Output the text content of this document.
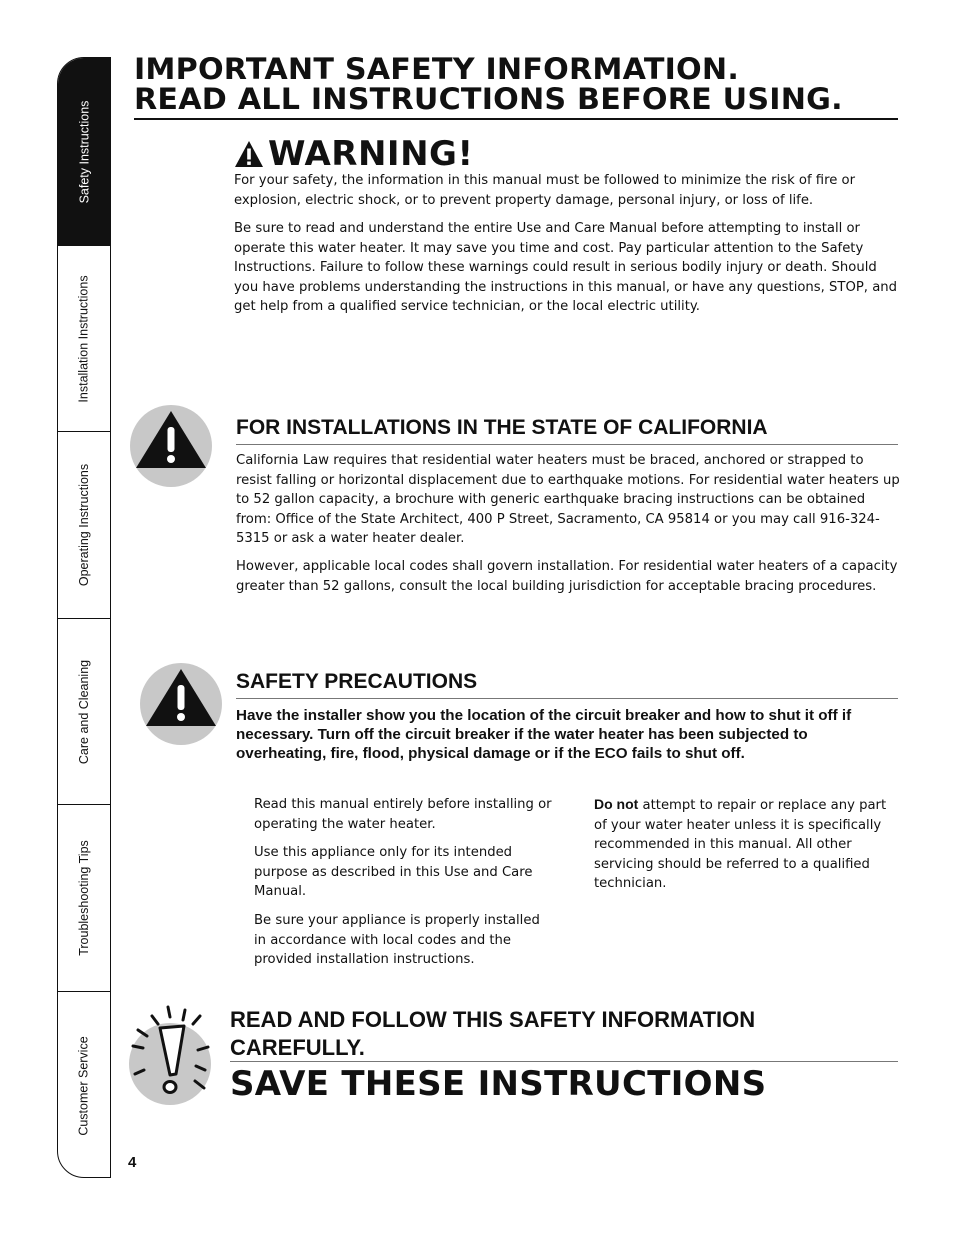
Safety Instructions
Installation Instructions
Operating Instructions
Care and Cleaning
Troubleshooting Tips
Customer Service
IMPORTANT SAFETY INFORMATION.
READ ALL INSTRUCTIONS BEFORE USING.
WARNING!

For your safety, the information in this manual must be followed to minimize the risk of fire or explosion, electric shock, or to prevent property damage, personal injury, or loss of life.

Be sure to read and understand the entire Use and Care Manual before attempting to install or operate this water heater. It may save you time and cost. Pay particular attention to the Safety Instructions. Failure to follow these warnings could result in serious bodily injury or death. Should you have problems understanding the instructions in this manual, or have any questions, STOP, and get help from a qualified service technician, or the local electric utility.

FOR INSTALLATIONS IN THE STATE OF CALIFORNIA

California Law requires that residential water heaters must be braced, anchored or strapped to resist falling or horizontal displacement due to earthquake motions. For residential water heaters up to 52 gallon capacity, a brochure with generic earthquake bracing instructions can be obtained from: Office of the State Architect, 400 P Street, Sacramento, CA 95814 or you may call 916-324-5315 or ask a water heater dealer.

However, applicable local codes shall govern installation. For residential water heaters of a capacity greater than 52 gallons, consult the local building jurisdiction for acceptable bracing procedures.

SAFETY PRECAUTIONS

Have the installer show you the location of the circuit breaker and how to shut it off if necessary. Turn off the circuit breaker if the water heater has been subjected to overheating, fire, flood, physical damage or if the ECO fails to shut off.

Read this manual entirely before installing or operating the water heater.

Use this appliance only for its intended purpose as described in this Use and Care Manual.

Be sure your appliance is properly installed in accordance with local codes and the provided installation instructions.

Do not attempt to repair or replace any part of your water heater unless it is specifically recommended in this manual. All other servicing should be referred to a qualified technician.

READ AND FOLLOW THIS SAFETY INFORMATION
CAREFULLY.
SAVE THESE INSTRUCTIONS
4
